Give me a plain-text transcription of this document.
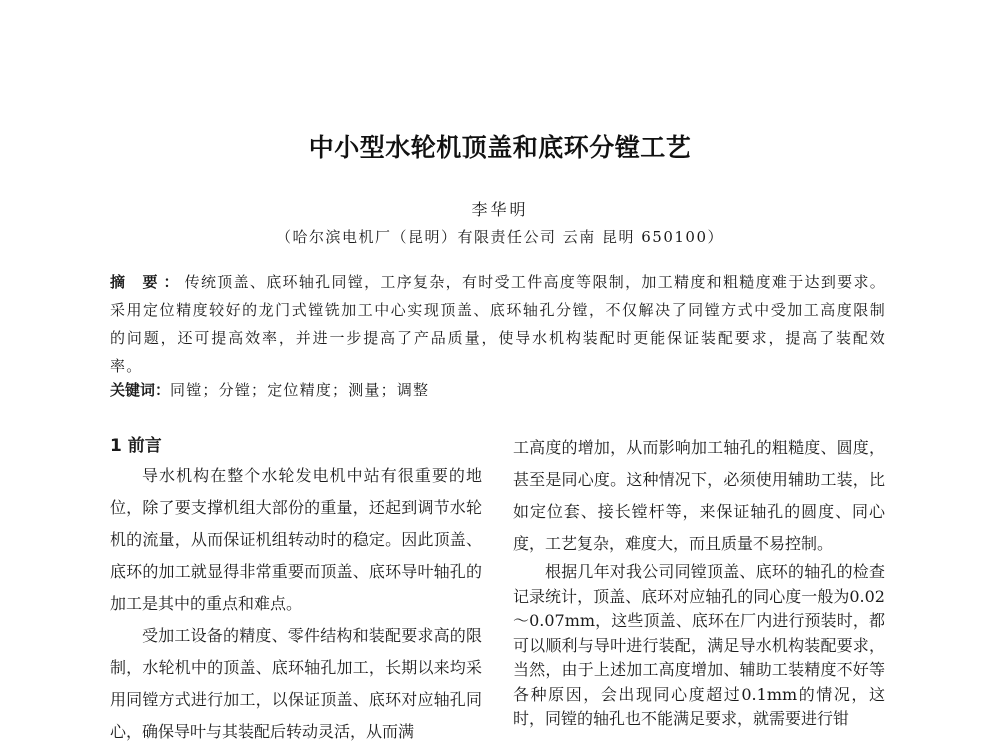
中小型水轮机顶盖和底环分镗工艺
李华明
（哈尔滨电机厂（昆明）有限责任公司 云南 昆明 650100）
摘 要：传统顶盖、底环轴孔同镗，工序复杂，有时受工件高度等限制，加工精度和粗糙度难于达到要求。采用定位精度较好的龙门式镗铣加工中心实现顶盖、底环轴孔分镗，不仅解决了同镗方式中受加工高度限制的问题，还可提高效率，并进一步提高了产品质量，使导水机构装配时更能保证装配要求，提高了装配效率。
关键词：同镗；分镗；定位精度；测量；调整
1 前言

导水机构在整个水轮发电机中站有很重要的地位，除了要支撑机组大部份的重量，还起到调节水轮机的流量，从而保证机组转动时的稳定。因此顶盖、底环的加工就显得非常重要而顶盖、底环导叶轴孔的加工是其中的重点和难点。

受加工设备的精度、零件结构和装配要求高的限制，水轮机中的顶盖、底环轴孔加工，长期以来均采用同镗方式进行加工，以保证顶盖、底环对应轴孔同心，确保导叶与其装配后转动灵活，从而满

工高度的增加，从而影响加工轴孔的粗糙度、圆度，甚至是同心度。这种情况下，必须使用辅助工装，比如定位套、接长镗杆等，来保证轴孔的圆度、同心度，工艺复杂，难度大，而且质量不易控制。

根据几年对我公司同镗顶盖、底环的轴孔的检查记录统计，顶盖、底环对应轴孔的同心度一般为0.02～0.07mm，这些顶盖、底环在厂内进行预装时，都可以顺利与导叶进行装配，满足导水机构装配要求，当然，由于上述加工高度增加、辅助工装精度不好等各种原因，会出现同心度超过0.1mm的情况，这时，同镗的轴孔也不能满足要求，就需要进行钳
